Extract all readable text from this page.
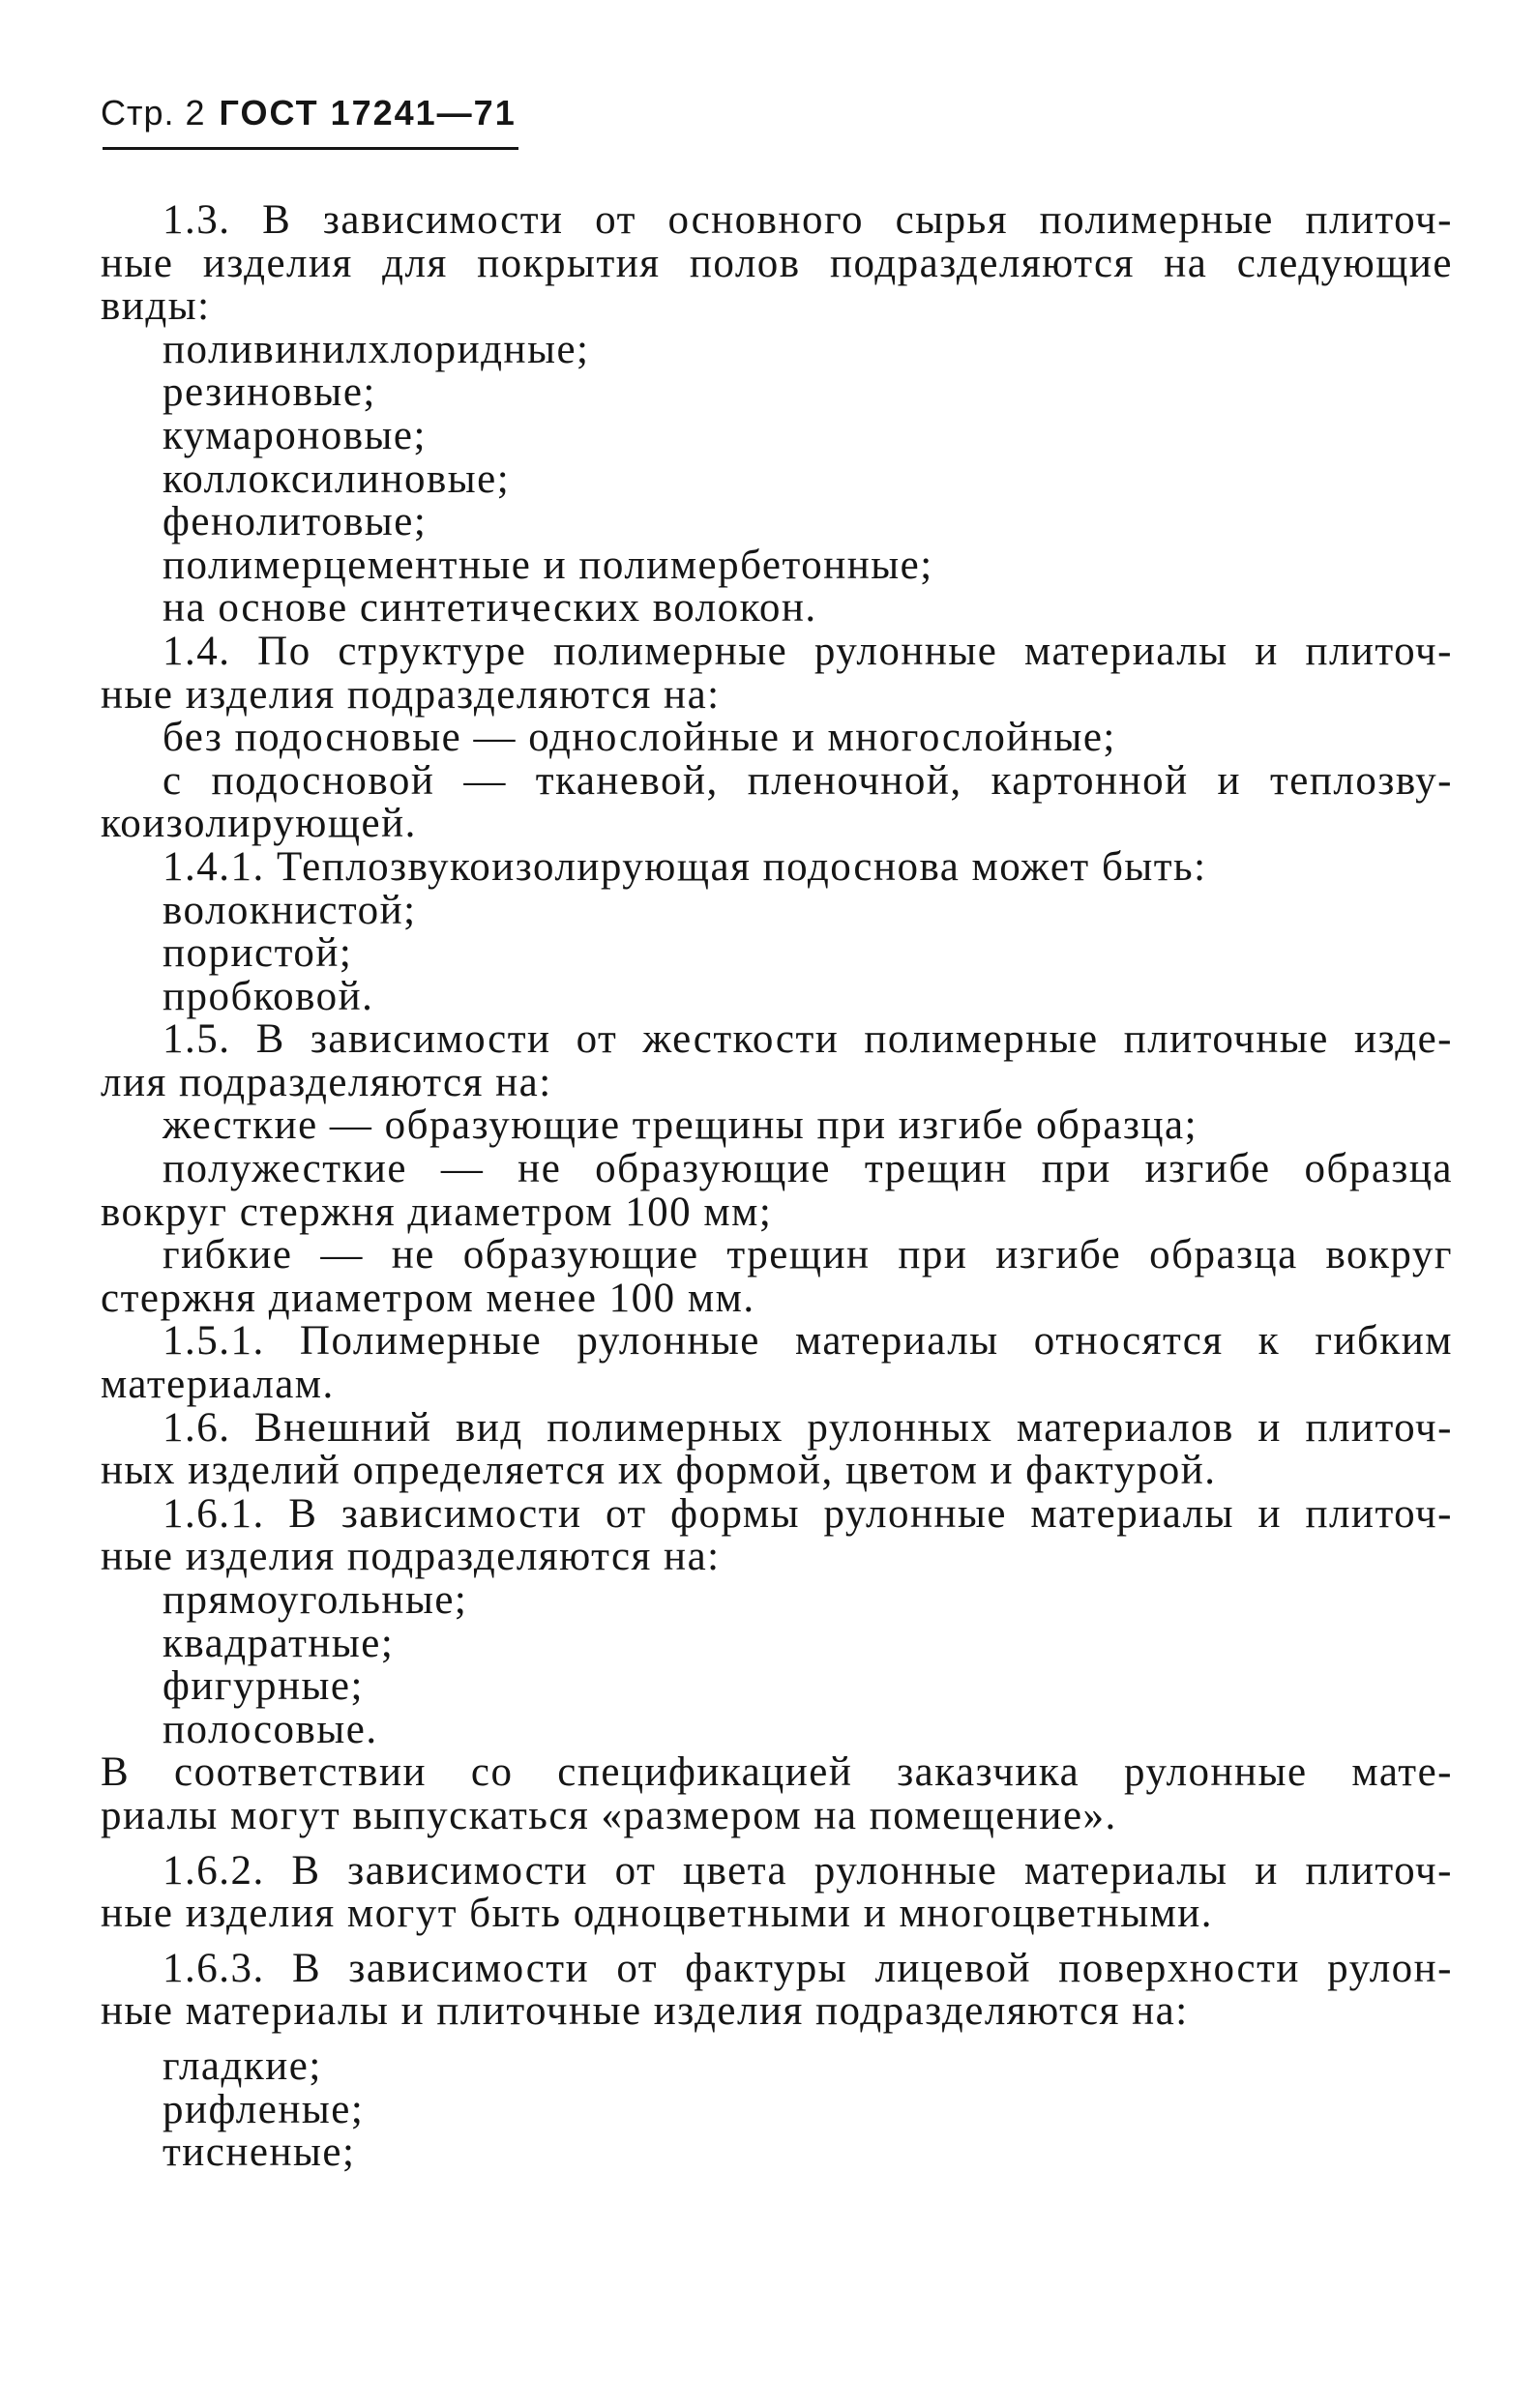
Стр. 2 ГОСТ 17241—71
1.3. В зависимости от основного сырья полимерные плиточ-
ные изделия для покрытия полов подразделяются на следующие
виды:
поливинилхлоридные;
резиновые;
кумароновые;
коллоксилиновые;
фенолитовые;
полимерцементные и полимербетонные;
на основе синтетических волокон.
1.4. По структуре полимерные рулонные материалы и плиточ-
ные изделия подразделяются на:
без подосновые — однослойные и многослойные;
с подосновой — тканевой, пленочной, картонной и теплозву-
коизолирующей.
1.4.1. Теплозвукоизолирующая подоснова может быть:
волокнистой;
пористой;
пробковой.
1.5. В зависимости от жесткости полимерные плиточные изде-
лия подразделяются на:
жесткие — образующие трещины при изгибе образца;
полужесткие — не образующие трещин при изгибе образца
вокруг стержня диаметром 100 мм;
гибкие — не образующие трещин при изгибе образца вокруг
стержня диаметром менее 100 мм.
1.5.1. Полимерные рулонные материалы относятся к гибким
материалам.
1.6. Внешний вид полимерных рулонных материалов и плиточ-
ных изделий определяется их формой, цветом и фактурой.
1.6.1. В зависимости от формы рулонные материалы и плиточ-
ные изделия подразделяются на:
прямоугольные;
квадратные;
фигурные;
полосовые.
В соответствии со спецификацией заказчика рулонные мате-
риалы могут выпускаться «размером на помещение».
1.6.2. В зависимости от цвета рулонные материалы и плиточ-
ные изделия могут быть одноцветными и многоцветными.
1.6.3. В зависимости от фактуры лицевой поверхности рулон-
ные материалы и плиточные изделия подразделяются на:
гладкие;
рифленые;
тисненые;
